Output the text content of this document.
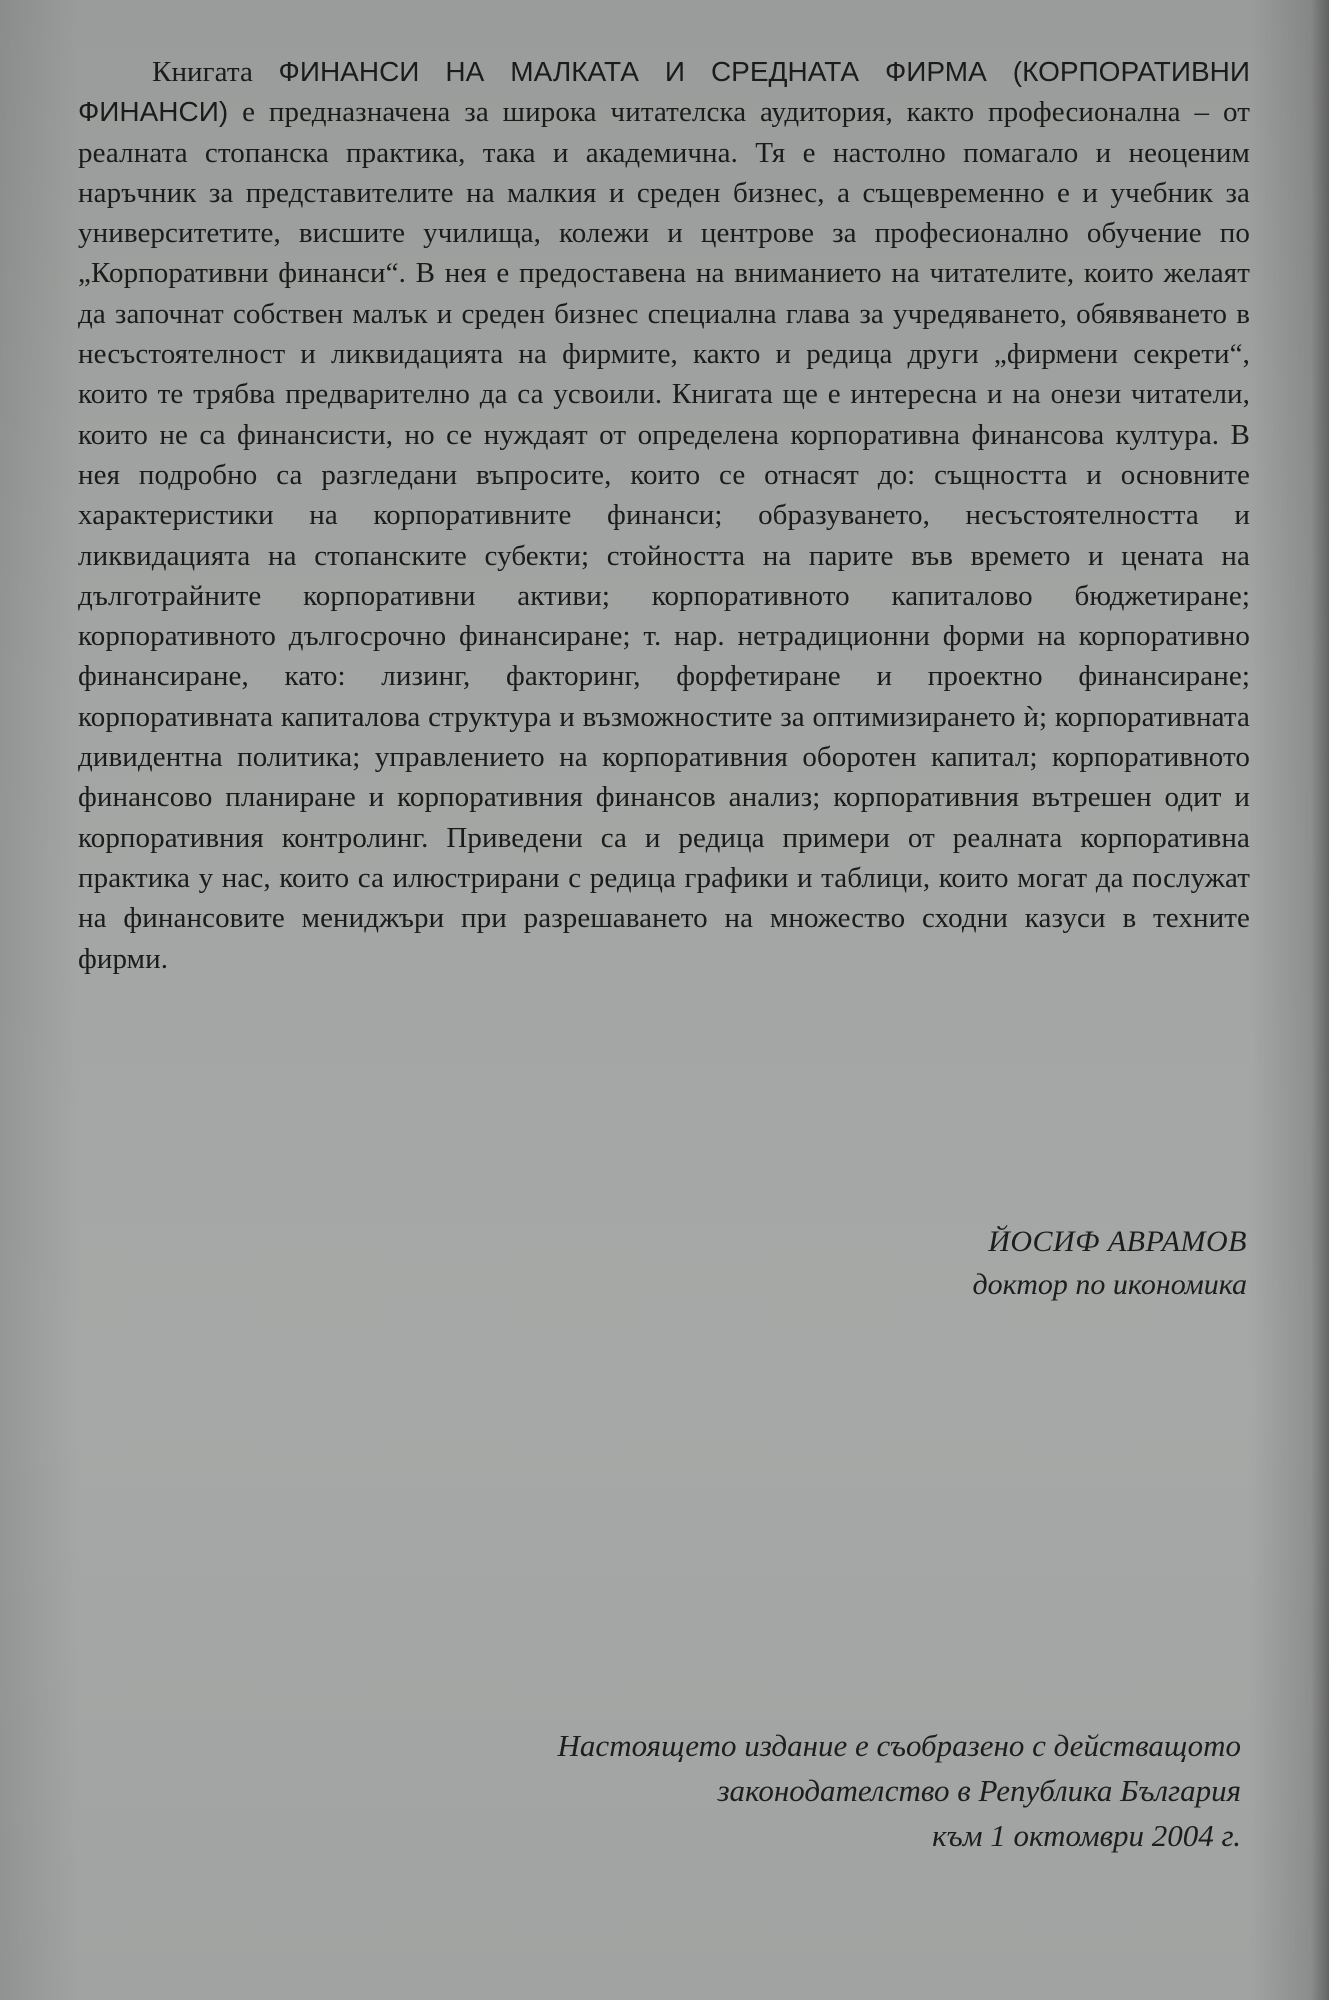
Книгата ФИНАНСИ НА МАЛКАТА И СРЕДНАТА ФИРМА (КОРПОРАТИВНИ ФИНАНСИ) е предназначена за широка читателска аудитория, както професионална – от реалната стопанска практика, така и академична. Тя е настолно помагало и неоценим наръчник за представителите на малкия и среден бизнес, а същевременно е и учебник за университетите, висшите училища, колежи и центрове за професионално обучение по „Корпоративни финанси“. В нея е предоставена на вниманието на читателите, които желаят да започнат собствен малък и среден бизнес специална глава за учредяването, обявяването в несъстоятелност и ликвидацията на фирмите, както и редица други „фирмени секрети“, които те трябва предварително да са усвоили. Книгата ще е интересна и на онези читатели, които не са финансисти, но се нуждаят от определена корпоративна финансова култура. В нея подробно са разгледани въпросите, които се отнасят до: същността и основните характеристики на корпоративните финанси; образуването, несъстоятелността и ликвидацията на стопанските субекти; стойността на парите във времето и цената на дълготрайните корпоративни активи; корпоративното капиталово бюджетиране; корпоративното дългосрочно финансиране; т. нар. нетрадиционни форми на корпоративно финансиране, като: лизинг, факторинг, форфетиране и проектно финансиране; корпоративната капиталова структура и възможностите за оптимизирането ѝ; корпоративната дивидентна политика; управлението на корпоративния оборотен капитал; корпоративното финансово планиране и корпоративния финансов анализ; корпоративния вътрешен одит и корпоративния контролинг. Приведени са и редица примери от реалната корпоративна практика у нас, които са илюстрирани с редица графики и таблици, които могат да послужат на финансовите мениджъри при разрешаването на множество сходни казуси в техните фирми.

ЙОСИФ АВРАМОВ
доктор по икономика
Настоящето издание е съобразено с действащото
законодателство в Република България
към 1 октомври 2004 г.
